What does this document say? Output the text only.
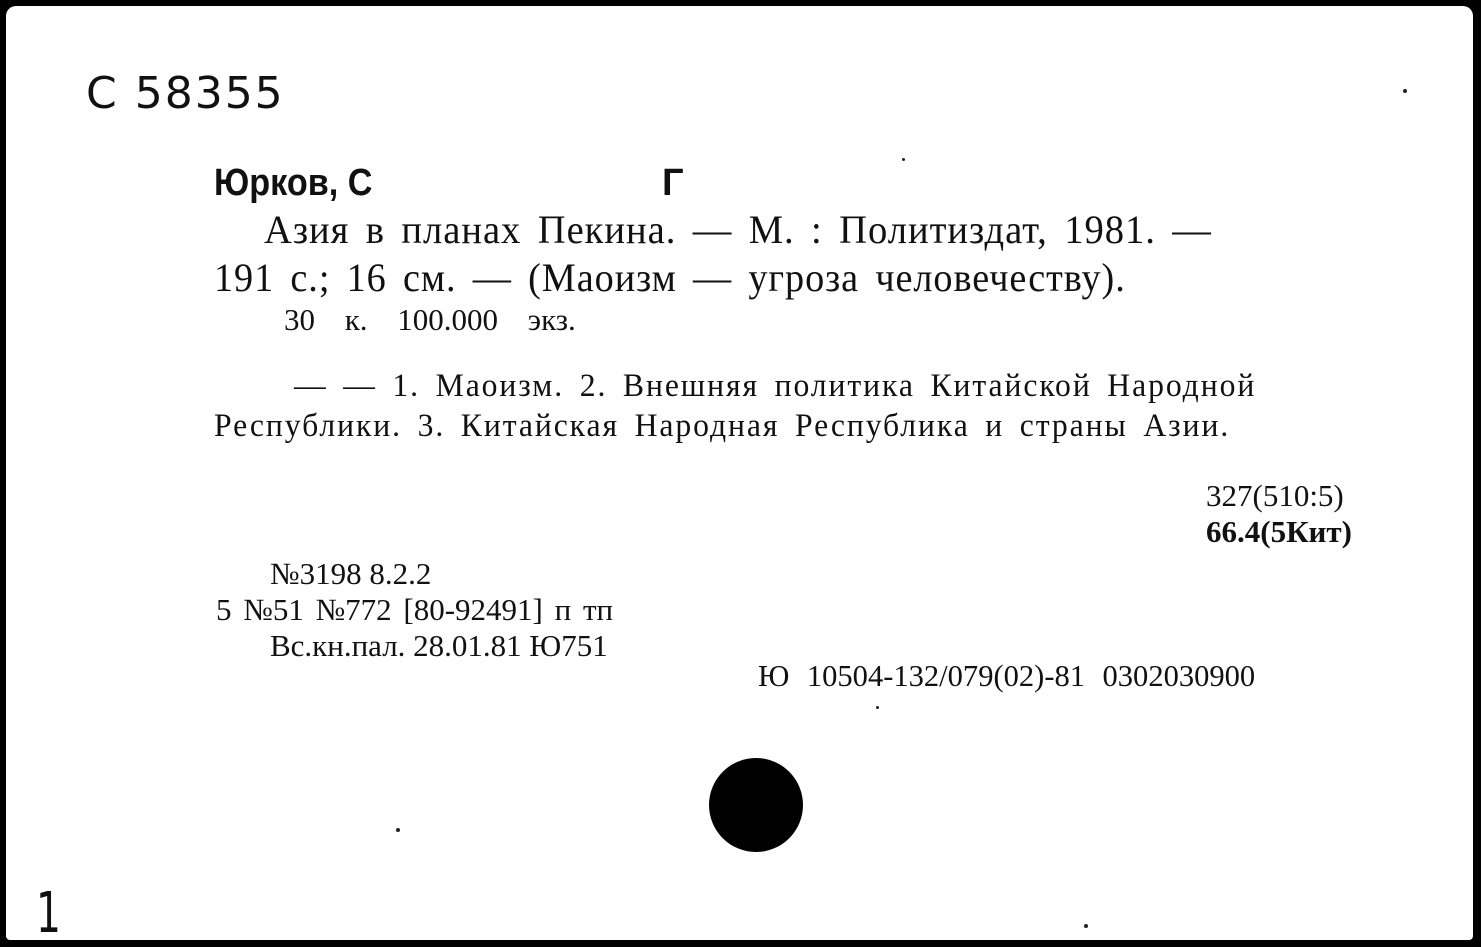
C 58355

Юрков, С	Г

Азия в планах Пекина. — М. : Политиздат, 1981. —

191 с.; 16 см. — (Маоизм — угроза человечеству).

30 к. 100.000 экз.

— — 1. Маоизм. 2. Внешняя политика Китайской Народной

Республики. 3. Китайская Народная Республика и страны Азии.

327(510:5)

66.4(5Кит)

№3198 8.2.2

5 №51 №772 [80-92491] п тп

Вс.кн.пал. 28.01.81 Ю751

Ю 10504-132/079(02)-81 0302030900

1
